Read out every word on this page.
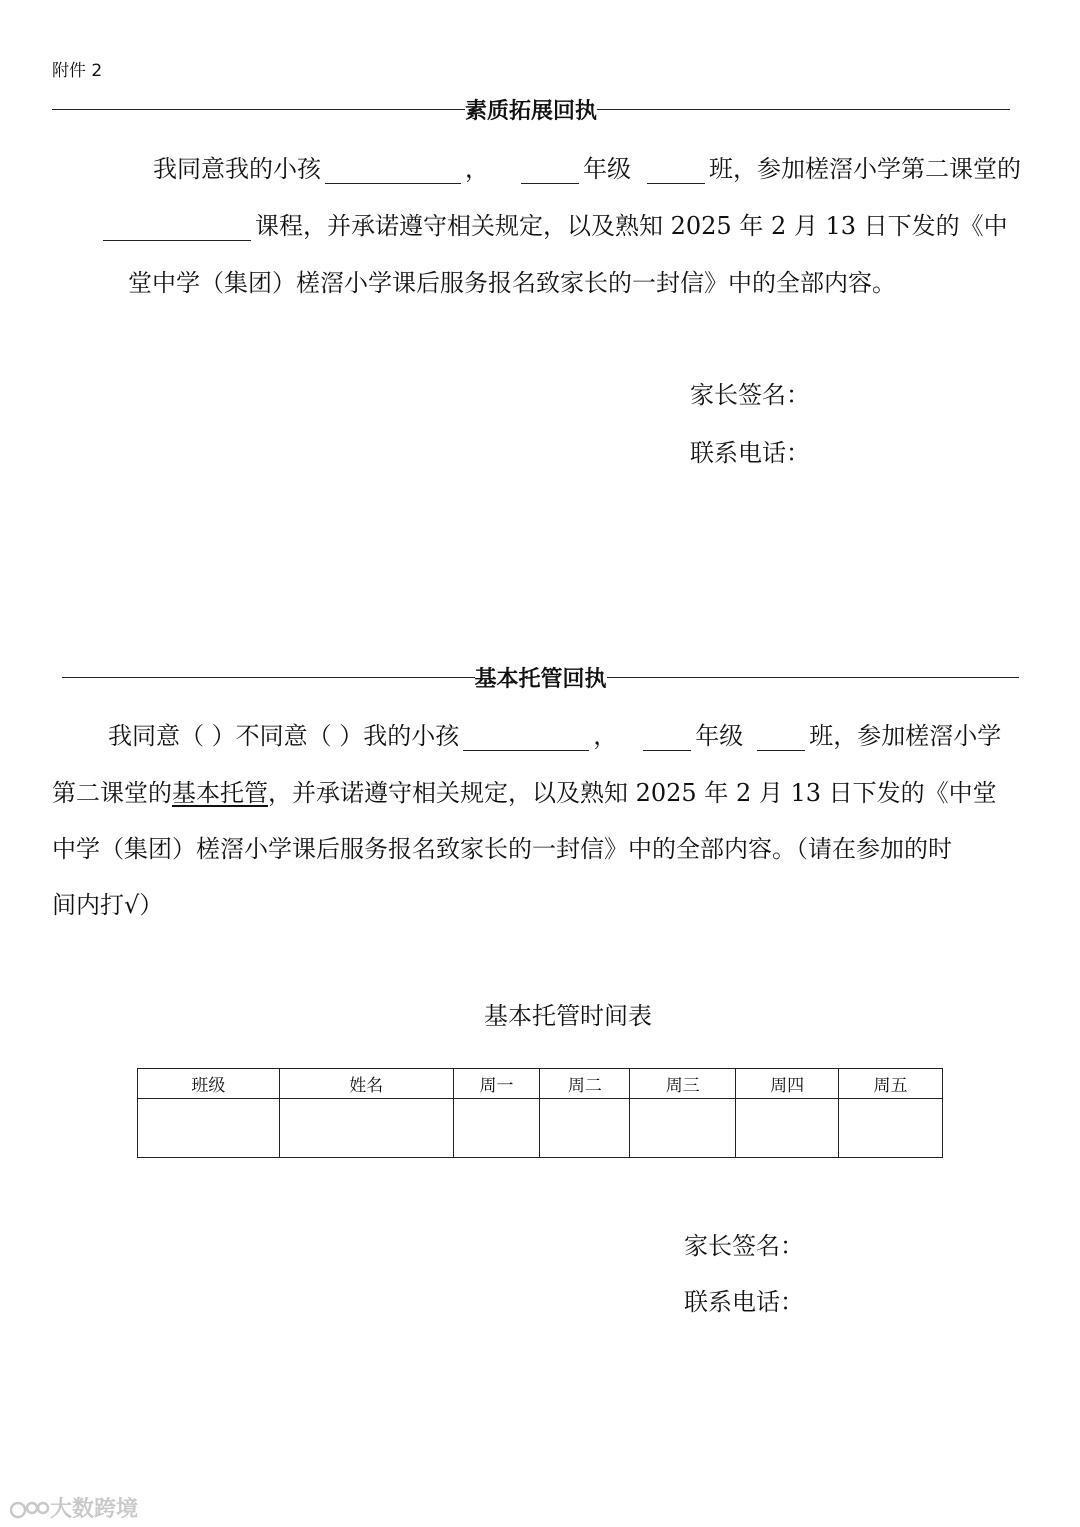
附件 2
素质拓展回执
我同意我的小孩	，	年级	班，参加槎滘小学第二课堂的
课程，并承诺遵守相关规定，以及熟知 2025 年 2 月 13 日下发的《中
堂中学（集团）槎滘小学课后服务报名致家长的一封信》中的全部内容。
家长签名：
联系电话：
基本托管回执
我同意（ ）不同意（ ）我的小孩	，	年级	班，参加槎滘小学
第二课堂的基本托管，并承诺遵守相关规定，以及熟知 2025 年 2 月 13 日下发的《中堂
中学（集团）槎滘小学课后服务报名致家长的一封信》中的全部内容。（请在参加的时
间内打√）
基本托管时间表
班级	姓名	周一	周二	周三	周四	周五

家长签名：
联系电话：
大数跨境
